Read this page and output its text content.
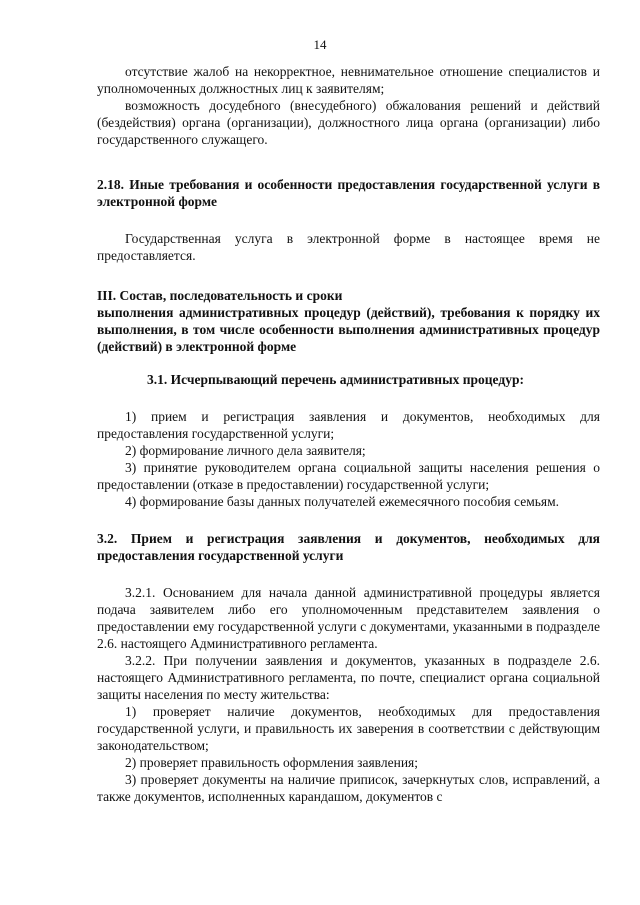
14

отсутствие жалоб на некорректное, невнимательное отношение специалистов и уполномоченных должностных лиц к заявителям;

возможность досудебного (внесудебного) обжалования решений и действий (бездействия) органа (организации), должностного лица органа (организации) либо государственного служащего.

2.18. Иные требования и особенности предоставления государственной услуги в электронной форме

Государственная услуга в электронной форме в настоящее время не предоставляется.

III. Состав, последовательность и сроки

выполнения административных процедур (действий), требования к порядку их выполнения, в том числе особенности выполнения административных процедур (действий) в электронной форме

3.1. Исчерпывающий перечень административных процедур:

1) прием и регистрация заявления и документов, необходимых для предоставления государственной услуги;

2) формирование личного дела заявителя;

3) принятие руководителем органа социальной защиты населения решения о предоставлении (отказе в предоставлении) государственной услуги;

4) формирование базы данных получателей ежемесячного пособия семьям.

3.2. Прием и регистрация заявления и документов, необходимых для предоставления государственной услуги

3.2.1. Основанием для начала данной административной процедуры является подача заявителем либо его уполномоченным представителем заявления о предоставлении ему государственной услуги с документами, указанными в подразделе 2.6. настоящего Административного регламента.

3.2.2. При получении заявления и документов, указанных в подразделе 2.6. настоящего Административного регламента, по почте, специалист органа социальной защиты населения по месту жительства:

1) проверяет наличие документов, необходимых для предоставления государственной услуги, и правильность их заверения в соответствии с действующим законодательством;

2) проверяет правильность оформления заявления;

3) проверяет документы на наличие приписок, зачеркнутых слов, исправлений, а также документов, исполненных карандашом, документов с
